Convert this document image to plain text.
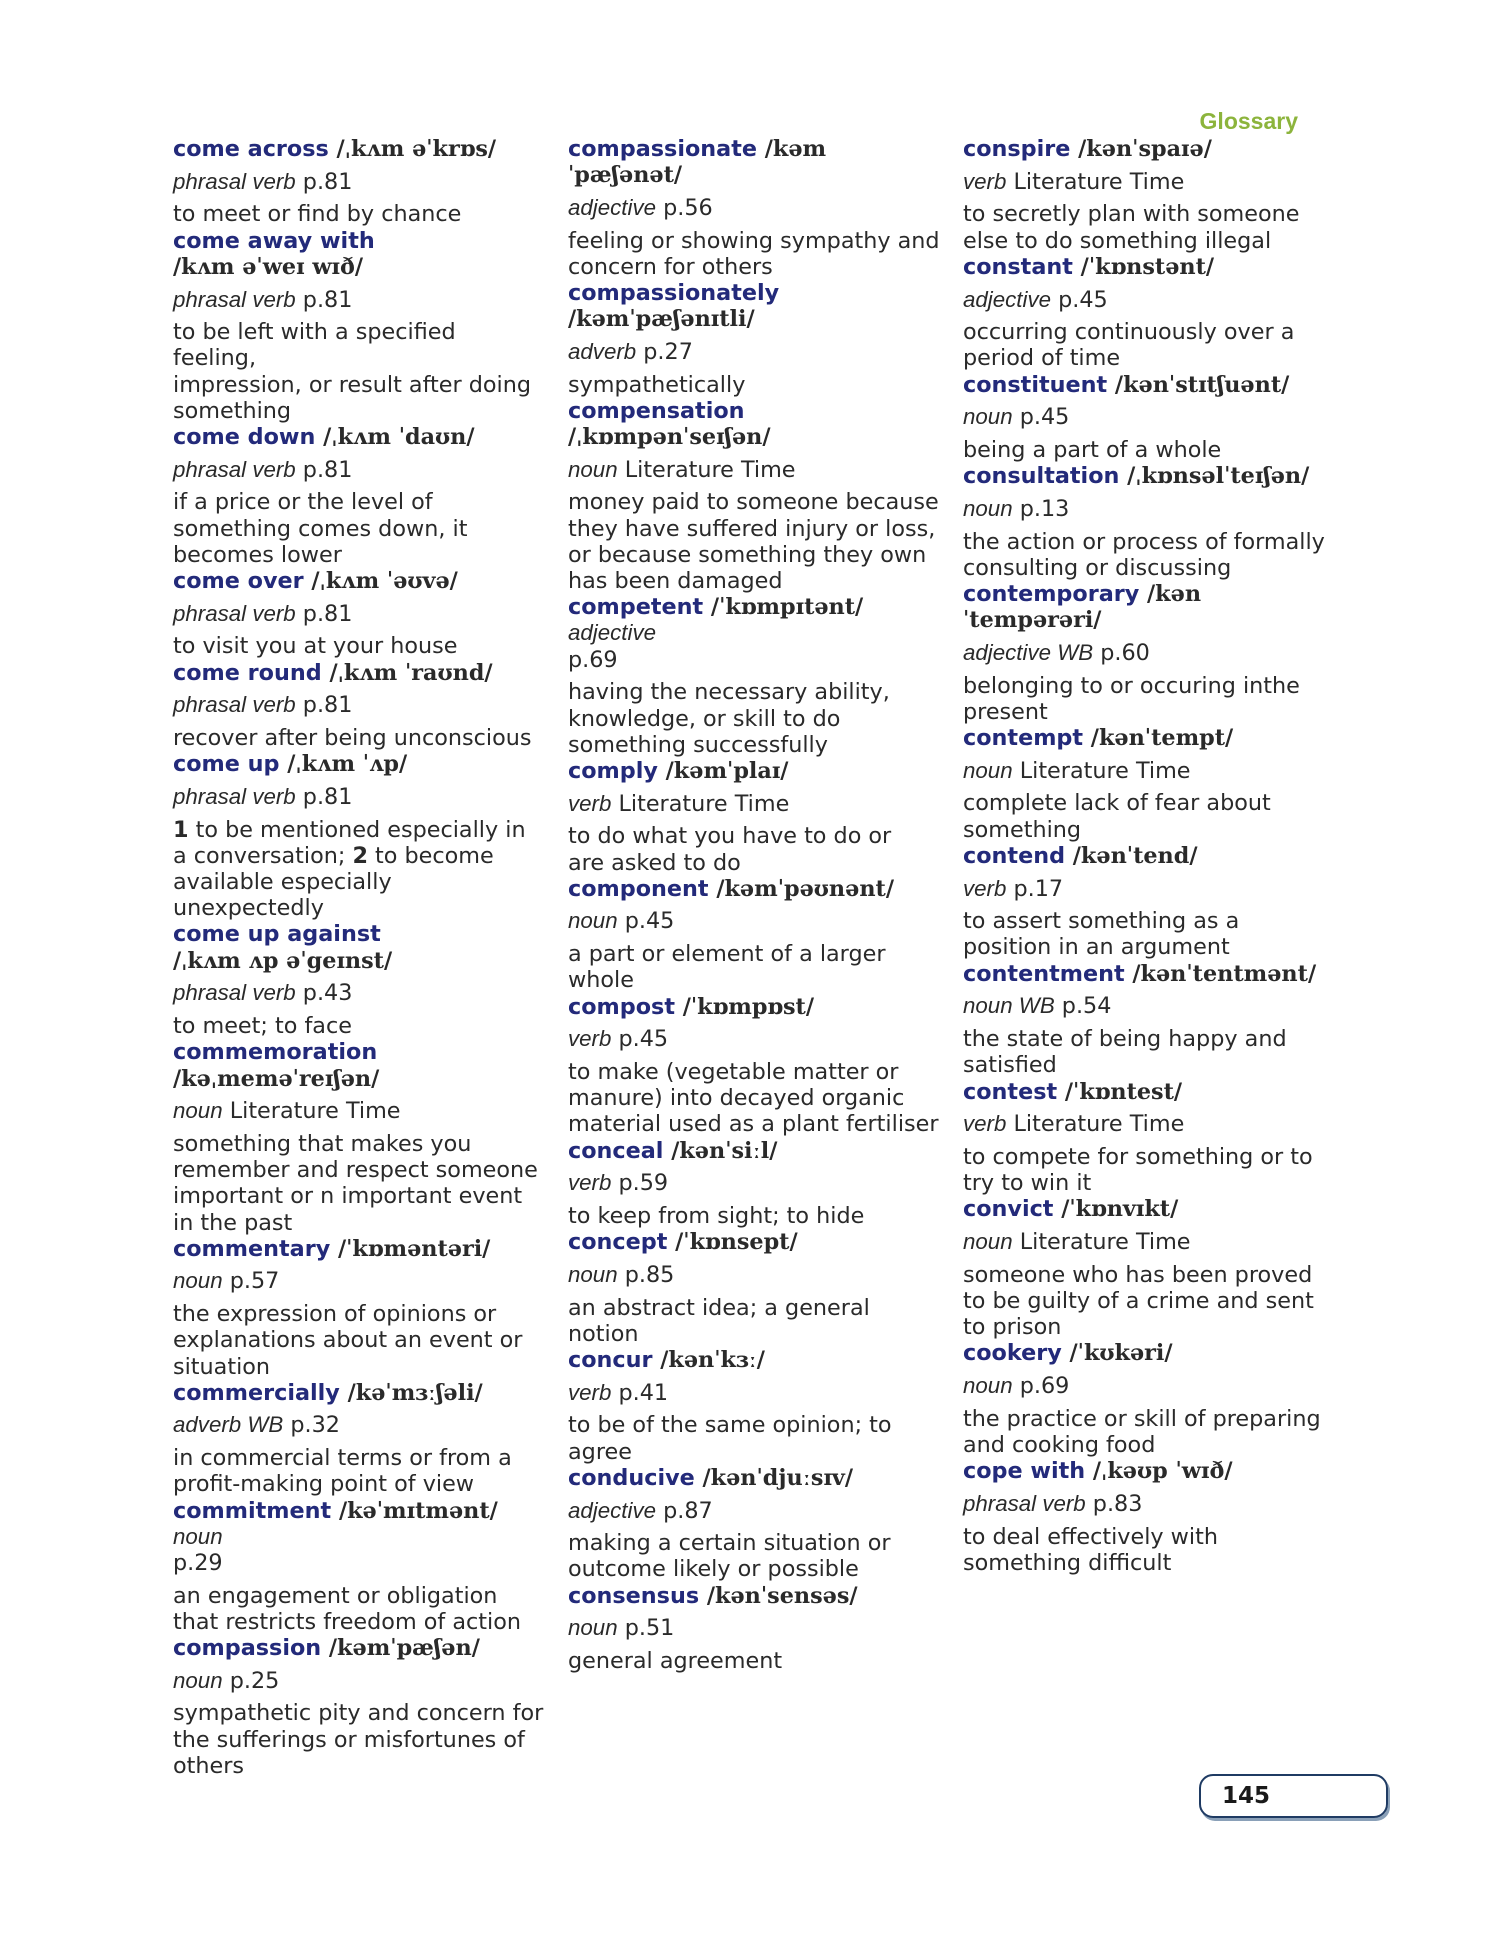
Glossary
come across /ˌkʌm əˈkrɒs/
phrasal verb p.81
to meet or find by chance
come away with
/kʌm əˈweɪ wɪð/
phrasal verb p.81
to be left with a specified feeling,
impression, or result after doing
something
come down /ˌkʌm ˈdaʊn/
phrasal verb p.81
if a price or the level of
something comes down, it
becomes lower
come over /ˌkʌm ˈəʊvə/
phrasal verb p.81
to visit you at your house
come round /ˌkʌm ˈraʊnd/
phrasal verb p.81
recover after being unconscious
come up /ˌkʌm ˈʌp/
phrasal verb p.81
1 to be mentioned especially in
a conversation; 2 to become
available especially unexpectedly
come up against
/ˌkʌm ʌp əˈgeɪnst/
phrasal verb p.43
to meet; to face
commemoration
/kəˌmeməˈreɪʃən/
noun Literature Time
something that makes you
remember and respect someone
important or n important event
in the past
commentary /ˈkɒməntəri/
noun p.57
the expression of opinions or
explanations about an event or
situation
commercially /kəˈmɜːʃəli/
adverb WB p.32
in commercial terms or from a
profit-making point of view
commitment /kəˈmɪtmənt/ noun
p.29
an engagement or obligation
that restricts freedom of action
compassion /kəmˈpæʃən/
noun p.25
sympathetic pity and concern for
the sufferings or misfortunes of
others
compassionate /kəmˈpæʃənət/
adjective p.56
feeling or showing sympathy and
concern for others
compassionately
/kəmˈpæʃənɪtli/
adverb p.27
sympathetically
compensation
/ˌkɒmpənˈseɪʃən/
noun Literature Time
money paid to someone because
they have suffered injury or loss,
or because something they own
has been damaged
competent /ˈkɒmpɪtənt/ adjective
p.69
having the necessary ability,
knowledge, or skill to do
something successfully
comply /kəmˈplaɪ/
verb Literature Time
to do what you have to do or
are asked to do
component /kəmˈpəʊnənt/
noun p.45
a part or element of a larger
whole
compost /ˈkɒmpɒst/
verb p.45
to make (vegetable matter or
manure) into decayed organic
material used as a plant fertiliser
conceal /kənˈsiːl/
verb p.59
to keep from sight; to hide
concept /ˈkɒnsept/
noun p.85
an abstract idea; a general
notion
concur /kənˈkɜː/
verb p.41
to be of the same opinion; to
agree
conducive /kənˈdjuːsɪv/
adjective p.87
making a certain situation or
outcome likely or possible
consensus /kənˈsensəs/
noun p.51
general agreement
conspire /kənˈspaɪə/
verb Literature Time
to secretly plan with someone
else to do something illegal
constant /ˈkɒnstənt/
adjective p.45
occurring continuously over a
period of time
constituent /kənˈstɪtʃuənt/
noun p.45
being a part of a whole
consultation /ˌkɒnsəlˈteɪʃən/
noun p.13
the action or process of formally
consulting or discussing
contemporary /kənˈtempərəri/
adjective WB p.60
belonging to or occuring inthe
present
contempt /kənˈtempt/
noun Literature Time
complete lack of fear about
something
contend /kənˈtend/
verb p.17
to assert something as a
position in an argument
contentment /kənˈtentmənt/
noun WB p.54
the state of being happy and
satisfied
contest /ˈkɒntest/
verb Literature Time
to compete for something or to
try to win it
convict /ˈkɒnvɪkt/
noun Literature Time
someone who has been proved
to be guilty of a crime and sent
to prison
cookery /ˈkʊkəri/
noun p.69
the practice or skill of preparing
and cooking food
cope with /ˌkəʊp ˈwɪð/
phrasal verb p.83
to deal effectively with
something difficult
145
